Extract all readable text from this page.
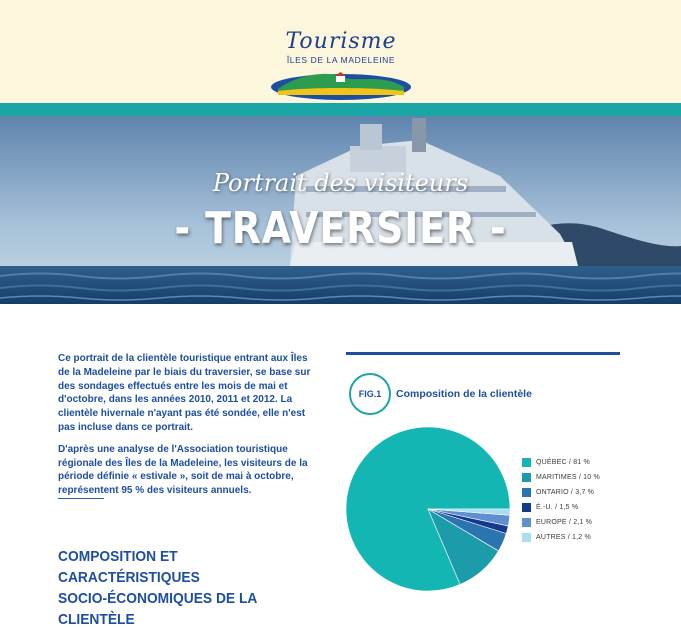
Tourisme
ÎLES DE LA MADELEINE
Portrait des visiteurs
- TRAVERSIER -

Ce portrait de la clientèle touristique entrant aux Îles de la Madeleine par le biais du traversier, se base sur des sondages effectués entre les mois de mai et d'octobre, dans les années 2010, 2011 et 2012. La clientèle hivernale n'ayant pas été sondée, elle n'est pas incluse dans ce portrait.

D'après une analyse de l'Association touristique régionale des Îles de la Madeleine, les visiteurs de la période définie « estivale », soit de mai à octobre, représentent 95 % des visiteurs annuels.

COMPOSITION ET CARACTÉRISTIQUES
SOCIO-ÉCONOMIQUES DE LA CLIENTÈLE
FIG.1	Composition de la clientèle
QUÉBEC / 81 %
MARITIMES / 10 %
ONTARIO / 3,7 %
É.-U. / 1,5 %
EUROPE / 2,1 %
AUTRES / 1,2 %
